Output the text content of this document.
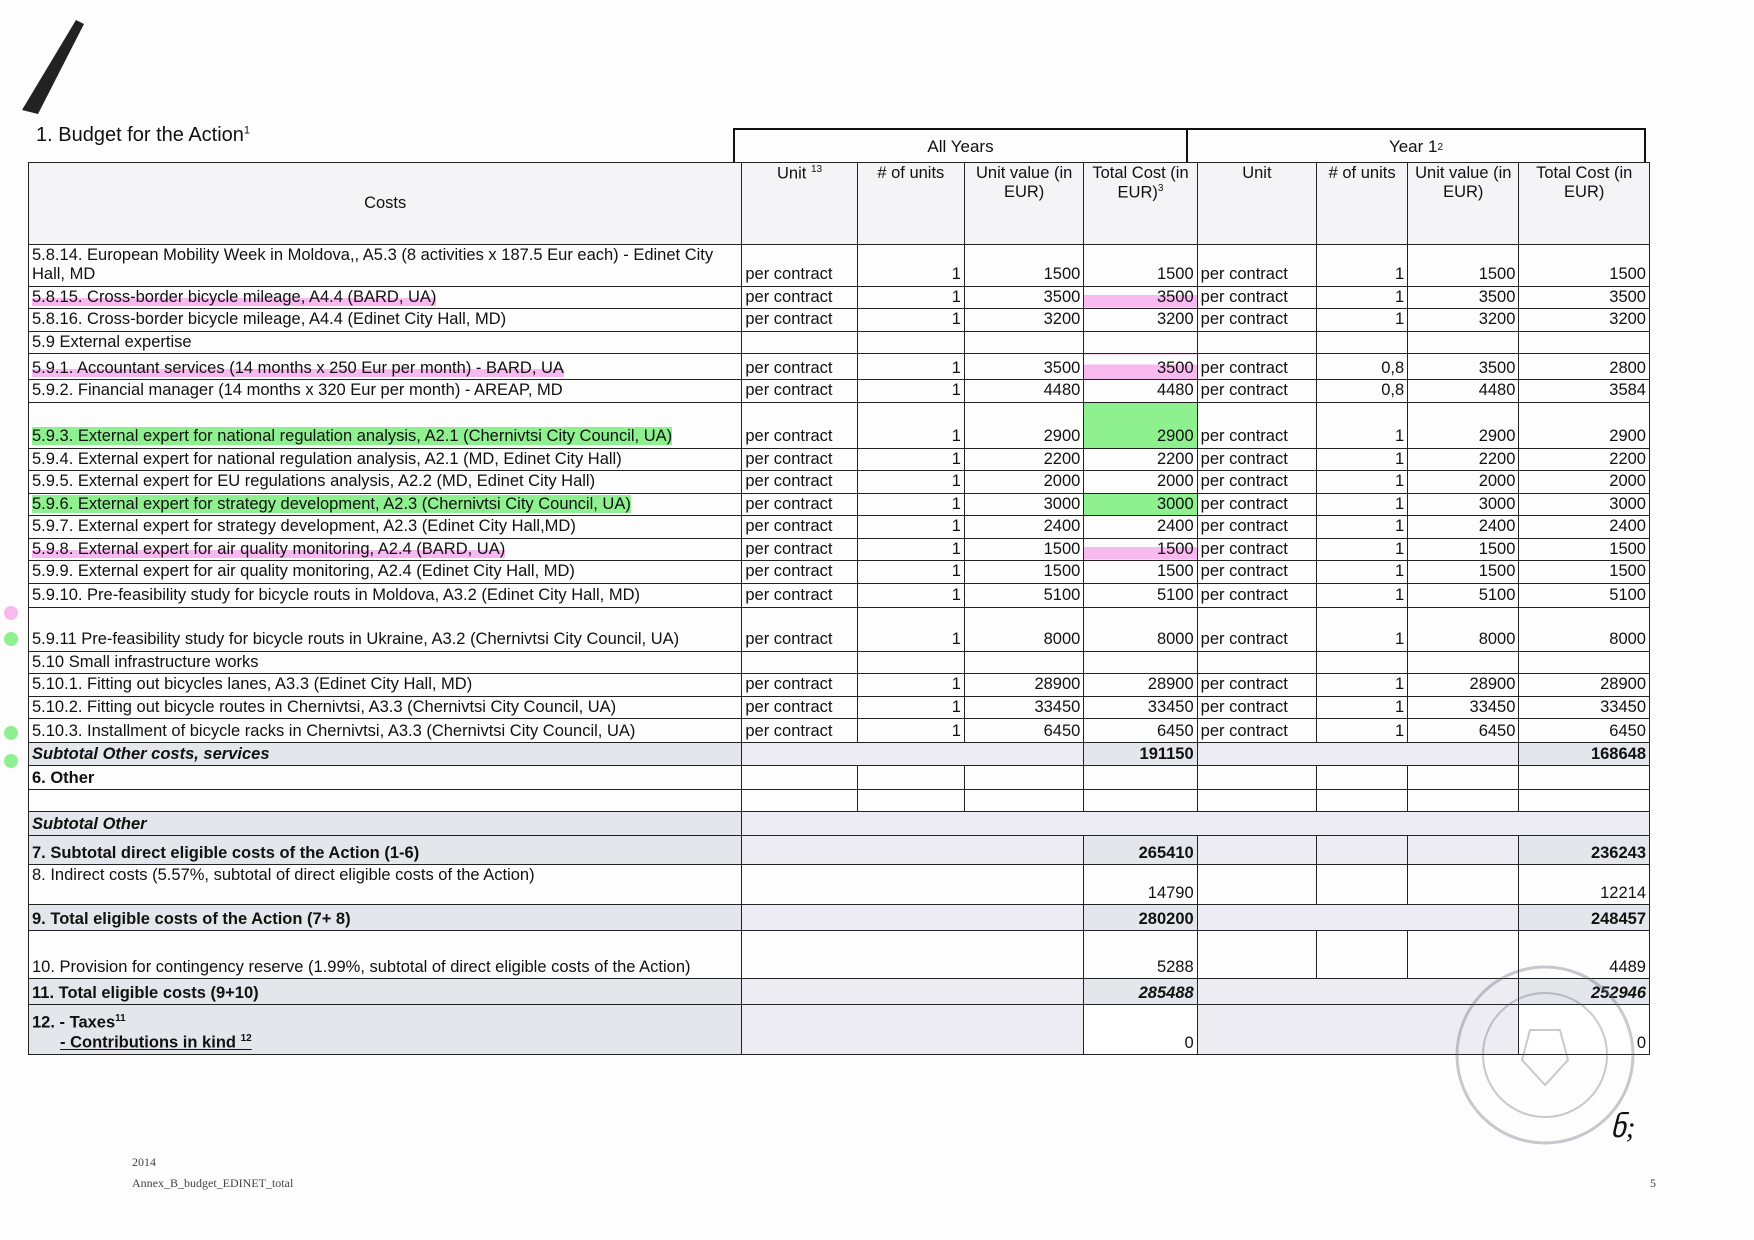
1. Budget for the Action$^1$
All Years	Year 1 2
Costs	Unit $^{13}$	# of units	Unit value (in EUR)	Total Cost (in EUR)$^3$	Unit	# of units	Unit value (in EUR)	Total Cost (in EUR)
5.8.14. European Mobility Week in Moldova,, A5.3 (8 activities x 187.5 Eur each) - Edinet City Hall, MD	per contract	1	1500	1500	per contract	1	1500	1500
5.8.15. Cross-border bicycle mileage, A4.4 (BARD, UA)	per contract	1	3500	3500	per contract	1	3500	3500
5.8.16. Cross-border bicycle mileage, A4.4 (Edinet City Hall, MD)	per contract	1	3200	3200	per contract	1	3200	3200
5.9 External expertise								
5.9.1. Accountant services (14 months x 250 Eur per month) - BARD, UA	per contract	1	3500	3500	per contract	0,8	3500	2800
5.9.2. Financial manager (14 months x 320 Eur per month) - AREAP, MD	per contract	1	4480	4480	per contract	0,8	4480	3584
5.9.3. External expert for national regulation analysis, A2.1 (Chernivtsi City Council, UA)	per contract	1	2900	2900	per contract	1	2900	2900
5.9.4. External expert for national regulation analysis, A2.1 (MD, Edinet City Hall)	per contract	1	2200	2200	per contract	1	2200	2200
5.9.5. External expert for EU regulations analysis, A2.2 (MD, Edinet City Hall)	per contract	1	2000	2000	per contract	1	2000	2000
5.9.6. External expert for strategy development, A2.3 (Chernivtsi City Council, UA)	per contract	1	3000	3000	per contract	1	3000	3000
5.9.7. External expert for strategy development, A2.3 (Edinet City Hall,MD)	per contract	1	2400	2400	per contract	1	2400	2400
5.9.8. External expert for air quality monitoring, A2.4 (BARD, UA)	per contract	1	1500	1500	per contract	1	1500	1500
5.9.9. External expert for air quality monitoring, A2.4 (Edinet City Hall, MD)	per contract	1	1500	1500	per contract	1	1500	1500
5.9.10. Pre-feasibility study for bicycle routs in Moldova, A3.2 (Edinet City Hall, MD)	per contract	1	5100	5100	per contract	1	5100	5100
5.9.11 Pre-feasibility study for bicycle routs in Ukraine, A3.2 (Chernivtsi City Council, UA)	per contract	1	8000	8000	per contract	1	8000	8000
5.10 Small infrastructure works								
5.10.1. Fitting out bicycles lanes, A3.3 (Edinet City Hall, MD)	per contract	1	28900	28900	per contract	1	28900	28900
5.10.2. Fitting out bicycle routes in Chernivtsi, A3.3 (Chernivtsi City Council, UA)	per contract	1	33450	33450	per contract	1	33450	33450
5.10.3. Installment of bicycle racks in Chernivtsi, A3.3 (Chernivtsi City Council, UA)	per contract	1	6450	6450	per contract	1	6450	6450
Subtotal Other costs, services				191150				168648
6. Other								

Subtotal Other								
7. Subtotal direct eligible costs of the Action (1-6)				265410				236243
8. Indirect costs (5.57%, subtotal of direct eligible costs of the Action)				14790				12214
9. Total eligible costs of the Action (7+ 8)				280200				248457
10. Provision for contingency reserve (1.99%, subtotal of direct eligible costs of the Action)				5288				4489
11. Total eligible costs (9+10)				285488				252946

12. - Taxes$^{11}$
- Contributions in kind $^{12}$				0				0
ნ;
2014
Annex_B_budget_EDINET_total	5
